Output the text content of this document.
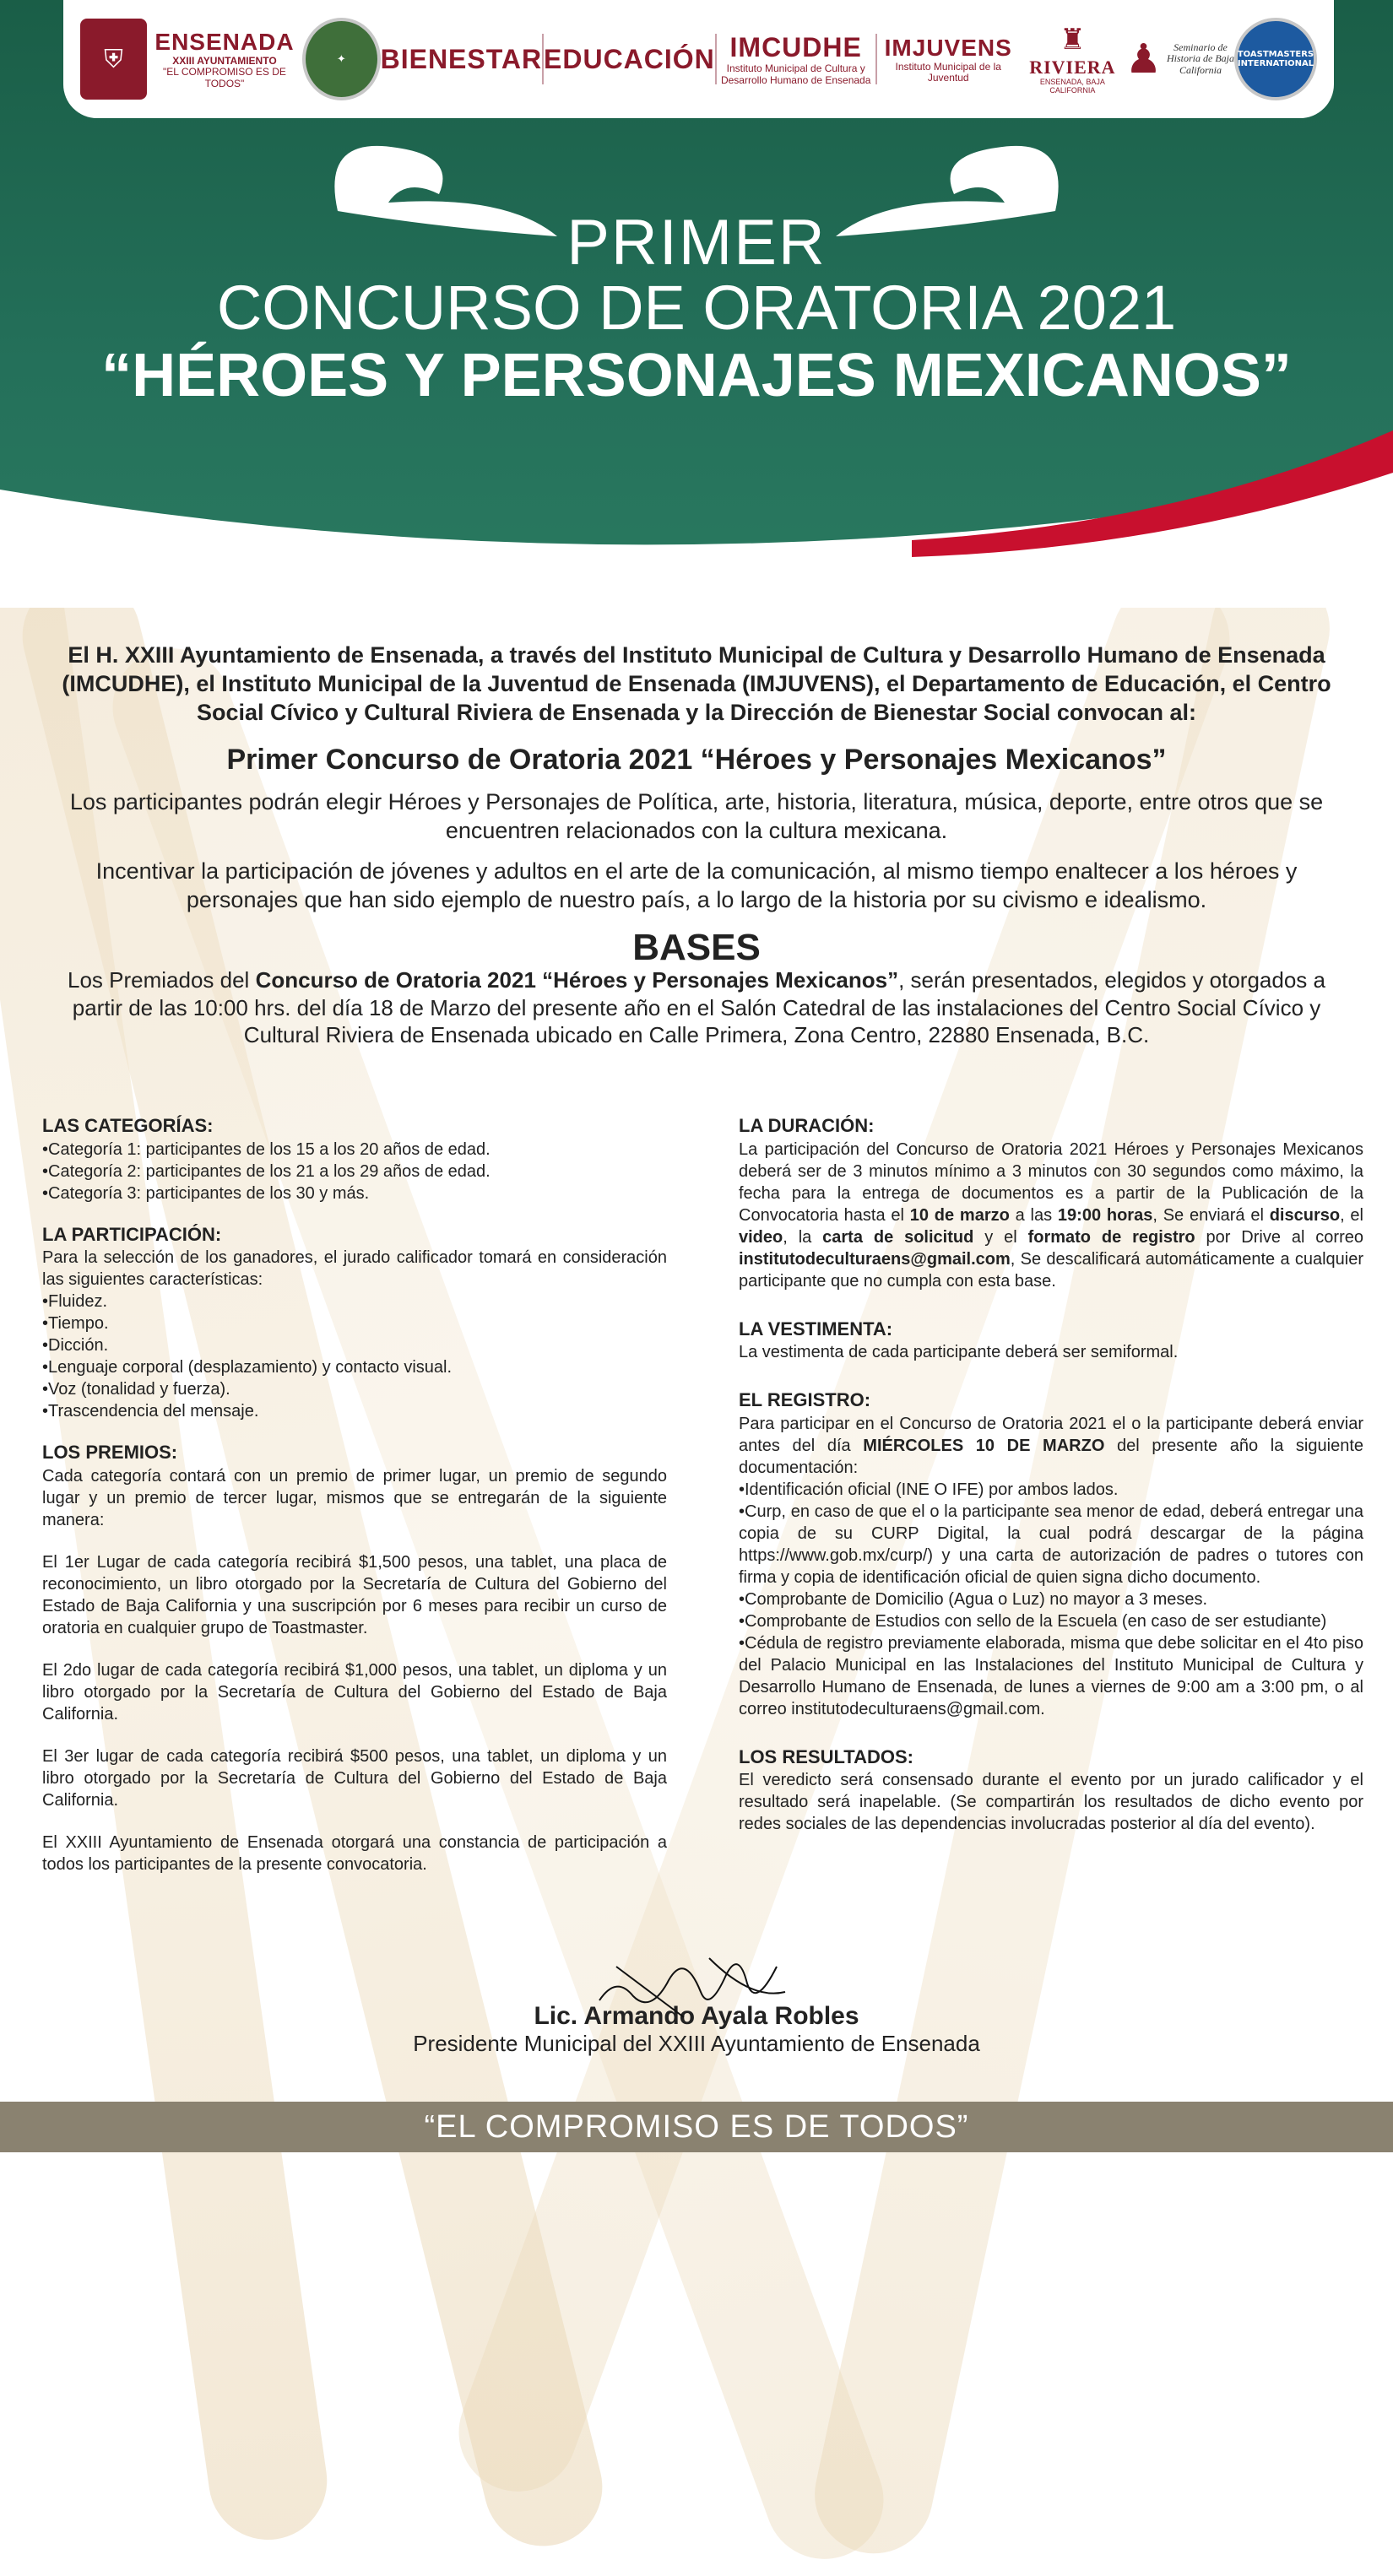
⛨
ENSENADA
XXIII AYUNTAMIENTO
"EL COMPROMISO ES DE TODOS"
✦	BIENESTAR EDUCACIÓN IMCUDHE
Instituto Municipal de Cultura y Desarrollo Humano de Ensenada
IMJUVENS
Instituto Municipal de la Juventud
♜
RIVIERA
ENSENADA, BAJA CALIFORNIA
♟	Seminario de Historia de Baja California
TOASTMASTERS INTERNATIONAL
PRIMER
CONCURSO DE ORATORIA 2021
“HÉROES Y PERSONAJES MEXICANOS”
El H. XXIII Ayuntamiento de Ensenada, a través del Instituto Municipal de Cultura y Desarrollo Humano de Ensenada (IMCUDHE), el Instituto Municipal de la Juventud de Ensenada (IMJUVENS), el Departamento de Educación, el Centro Social Cívico y Cultural Riviera de Ensenada y la Dirección de Bienestar Social convocan al:
Primer Concurso de Oratoria 2021 “Héroes y Personajes Mexicanos”
Los participantes podrán elegir Héroes y Personajes de Política, arte, historia, literatura, música, deporte, entre otros que se encuentren relacionados con la cultura mexicana.
Incentivar la participación de jóvenes y adultos en el arte de la comunicación, al mismo tiempo enaltecer a los héroes y personajes que han sido ejemplo de nuestro país, a lo largo de la historia por su civismo e idealismo.
BASES
Los Premiados del Concurso de Oratoria 2021 “Héroes y Personajes Mexicanos”, serán presentados, elegidos y otorgados a partir de las 10:00 hrs. del día 18 de Marzo del presente año en el Salón Catedral de las instalaciones del Centro Social Cívico y Cultural Riviera de Ensenada ubicado en Calle Primera, Zona Centro, 22880 Ensenada, B.C.
LAS CATEGORÍAS:

•Categoría 1: participantes de los 15 a los 20 años de edad.

•Categoría 2: participantes de los 21 a los 29 años de edad.

•Categoría 3: participantes de los 30 y más.

LA PARTICIPACIÓN:

Para la selección de los ganadores, el jurado calificador tomará en consideración las siguientes características:

•Fluidez.

•Tiempo.

•Dicción.

•Lenguaje corporal (desplazamiento) y contacto visual.

•Voz (tonalidad y fuerza).

•Trascendencia del mensaje.

LOS PREMIOS:

Cada categoría contará con un premio de primer lugar, un premio de segundo lugar y un premio de tercer lugar, mismos que se entregarán de la siguiente manera:

El 1er Lugar de cada categoría recibirá $1,500 pesos, una tablet, una placa de reconocimiento, un libro otorgado por la Secretaría de Cultura del Gobierno del Estado de Baja California y una suscripción por 6 meses para recibir un curso de oratoria en cualquier grupo de Toastmaster.

El 2do lugar de cada categoría recibirá $1,000 pesos, una tablet, un diploma y un libro otorgado por la Secretaría de Cultura del Gobierno del Estado de Baja California.

El 3er lugar de cada categoría recibirá $500 pesos, una tablet, un diploma y un libro otorgado por la Secretaría de Cultura del Gobierno del Estado de Baja California.

El XXIII Ayuntamiento de Ensenada otorgará una constancia de participación a todos los participantes de la presente convocatoria.

LA DURACIÓN:

La participación del Concurso de Oratoria 2021 Héroes y Personajes Mexicanos deberá ser de 3 minutos mínimo a 3 minutos con 30 segundos como máximo, la fecha para la entrega de documentos es a partir de la Publicación de la Convocatoria hasta el 10 de marzo a las 19:00 horas, Se enviará el discurso, el video, la carta de solicitud y el formato de registro por Drive al correo institutodeculturaens@gmail.com, Se descalificará automáticamente a cualquier participante que no cumpla con esta base.

LA VESTIMENTA:

La vestimenta de cada participante deberá ser semiformal.

EL REGISTRO:

Para participar en el Concurso de Oratoria 2021 el o la participante deberá enviar antes del día MIÉRCOLES 10 DE MARZO del presente año la siguiente documentación:

•Identificación oficial (INE O IFE) por ambos lados.

•Curp, en caso de que el o la participante sea menor de edad, deberá entregar una copia de su CURP Digital, la cual podrá descargar de la página https://www.gob.mx/curp/) y una carta de autorización de padres o tutores con firma y copia de identificación oficial de quien signa dicho documento.

•Comprobante de Domicilio (Agua o Luz) no mayor a 3 meses.

•Comprobante de Estudios con sello de la Escuela (en caso de ser estudiante)

•Cédula de registro previamente elaborada, misma que debe solicitar en el 4to piso del Palacio Municipal en las Instalaciones del Instituto Municipal de Cultura y Desarrollo Humano de Ensenada, de lunes a viernes de 9:00 am a 3:00 pm, o al correo institutodeculturaens@gmail.com.

LOS RESULTADOS:

El veredicto será consensado durante el evento por un jurado calificador y el resultado será inapelable. (Se compartirán los resultados de dicho evento por redes sociales de las dependencias involucradas posterior al día del evento).

Lic. Armando Ayala Robles
Presidente Municipal del XXIII Ayuntamiento de Ensenada
“EL COMPROMISO ES DE TODOS”
